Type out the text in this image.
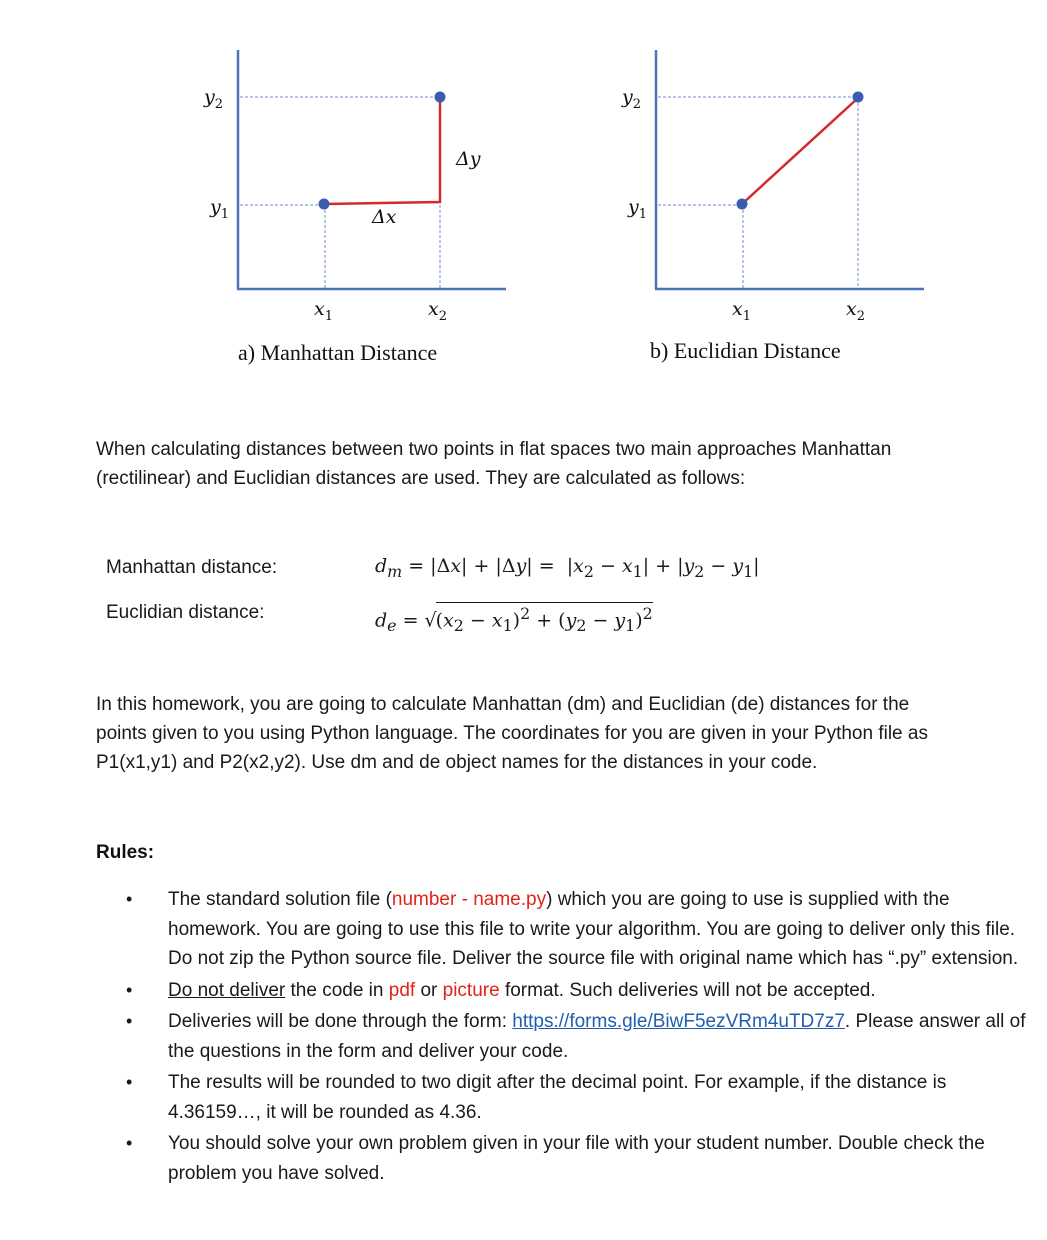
$y_2$
$y_1$
$x_1$	$x_2$
Δx
Δy
a) Manhattan Distance
$y_2$
$y_1$
$x_1$	$x_2$
b) Euclidian Distance
When calculating distances between two points in flat spaces two main approaches Manhattan
(rectilinear) and Euclidian distances are used. They are calculated as follows:
Manhattan distance:	$d_m = |\Delta x| + |\Delta y| = |x_2 - x_1| + |y_2 - y_1|$
Euclidian distance:	$d_e = √(x_2 - x_1)^2 + (y_2 - y_1)^2$
In this homework, you are going to calculate Manhattan (dm) and Euclidian (de) distances for the
points given to you using Python language. The coordinates for you are given in your Python file as
P1(x1,y1) and P2(x2,y2). Use dm and de object names for the distances in your code.
Rules:
• The standard solution file (number - name.py) which you are going to use is supplied with the homework. You are going to use this file to write your algorithm. You are going to deliver only this file. Do not zip the Python source file. Deliver the source file with original name which has “.py” extension.
• Do not deliver the code in pdf or picture format. Such deliveries will not be accepted.
• Deliveries will be done through the form: https://forms.gle/BiwF5ezVRm4uTD7z7. Please answer all of the questions in the form and deliver your code.
• The results will be rounded to two digit after the decimal point. For example, if the distance is 4.36159…, it will be rounded as 4.36.
• You should solve your own problem given in your file with your student number. Double check the problem you have solved.
